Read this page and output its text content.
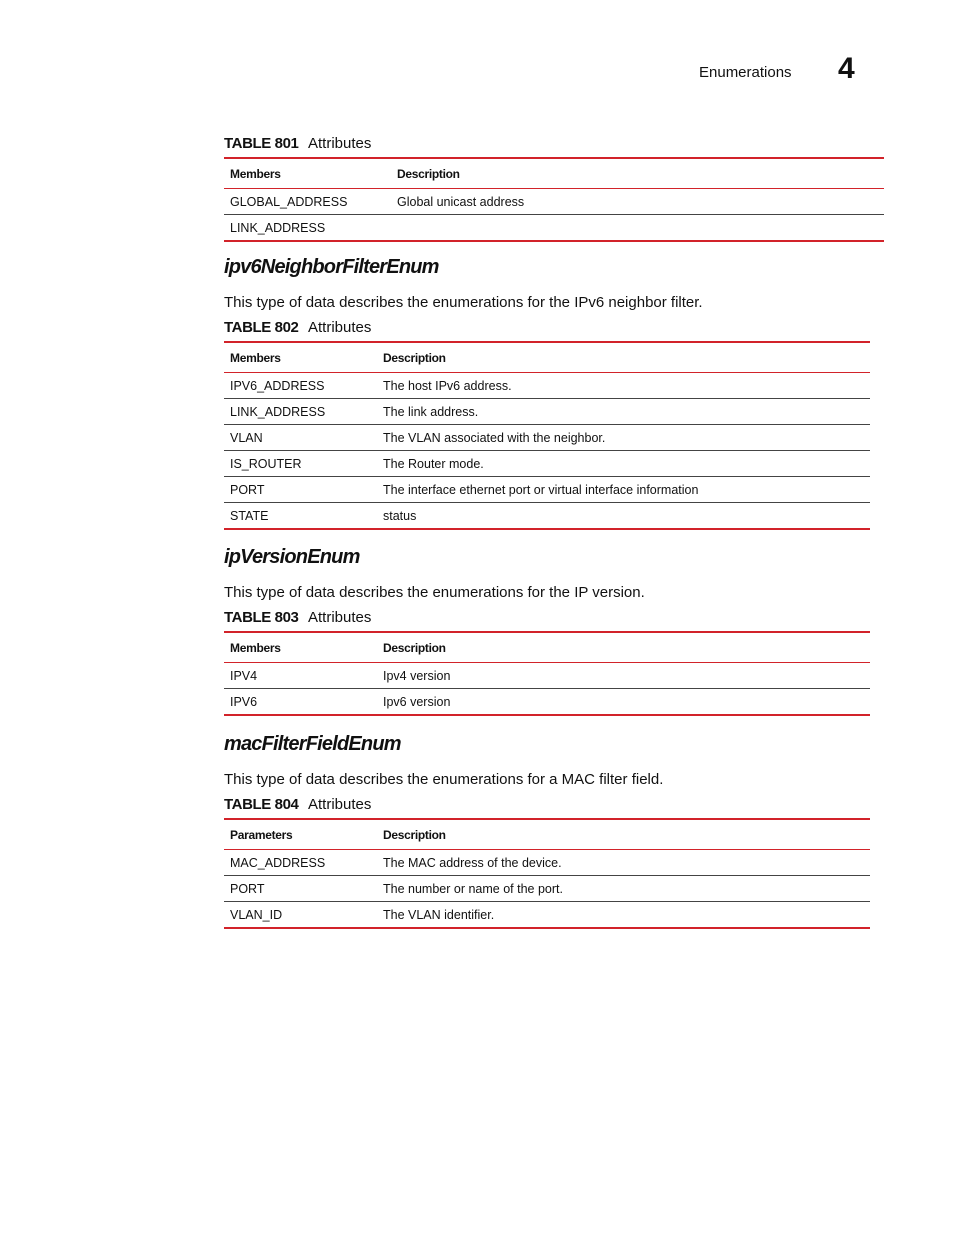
Enumerations 4
TABLE 801 Attributes
Members	Description
GLOBAL_ADDRESS	Global unicast address
LINK_ADDRESS	
ipv6NeighborFilterEnum
This type of data describes the enumerations for the IPv6 neighbor filter.
TABLE 802 Attributes
Members	Description
IPV6_ADDRESS	The host IPv6 address.
LINK_ADDRESS	The link address.
VLAN	The VLAN associated with the neighbor.
IS_ROUTER	The Router mode.
PORT	The interface ethernet port or virtual interface information
STATE	status
ipVersionEnum
This type of data describes the enumerations for the IP version.
TABLE 803 Attributes
Members	Description
IPV4	Ipv4 version
IPV6	Ipv6 version
macFilterFieldEnum
This type of data describes the enumerations for a MAC filter field.
TABLE 804 Attributes
Parameters	Description
MAC_ADDRESS	The MAC address of the device.
PORT	The number or name of the port.
VLAN_ID	The VLAN identifier.
